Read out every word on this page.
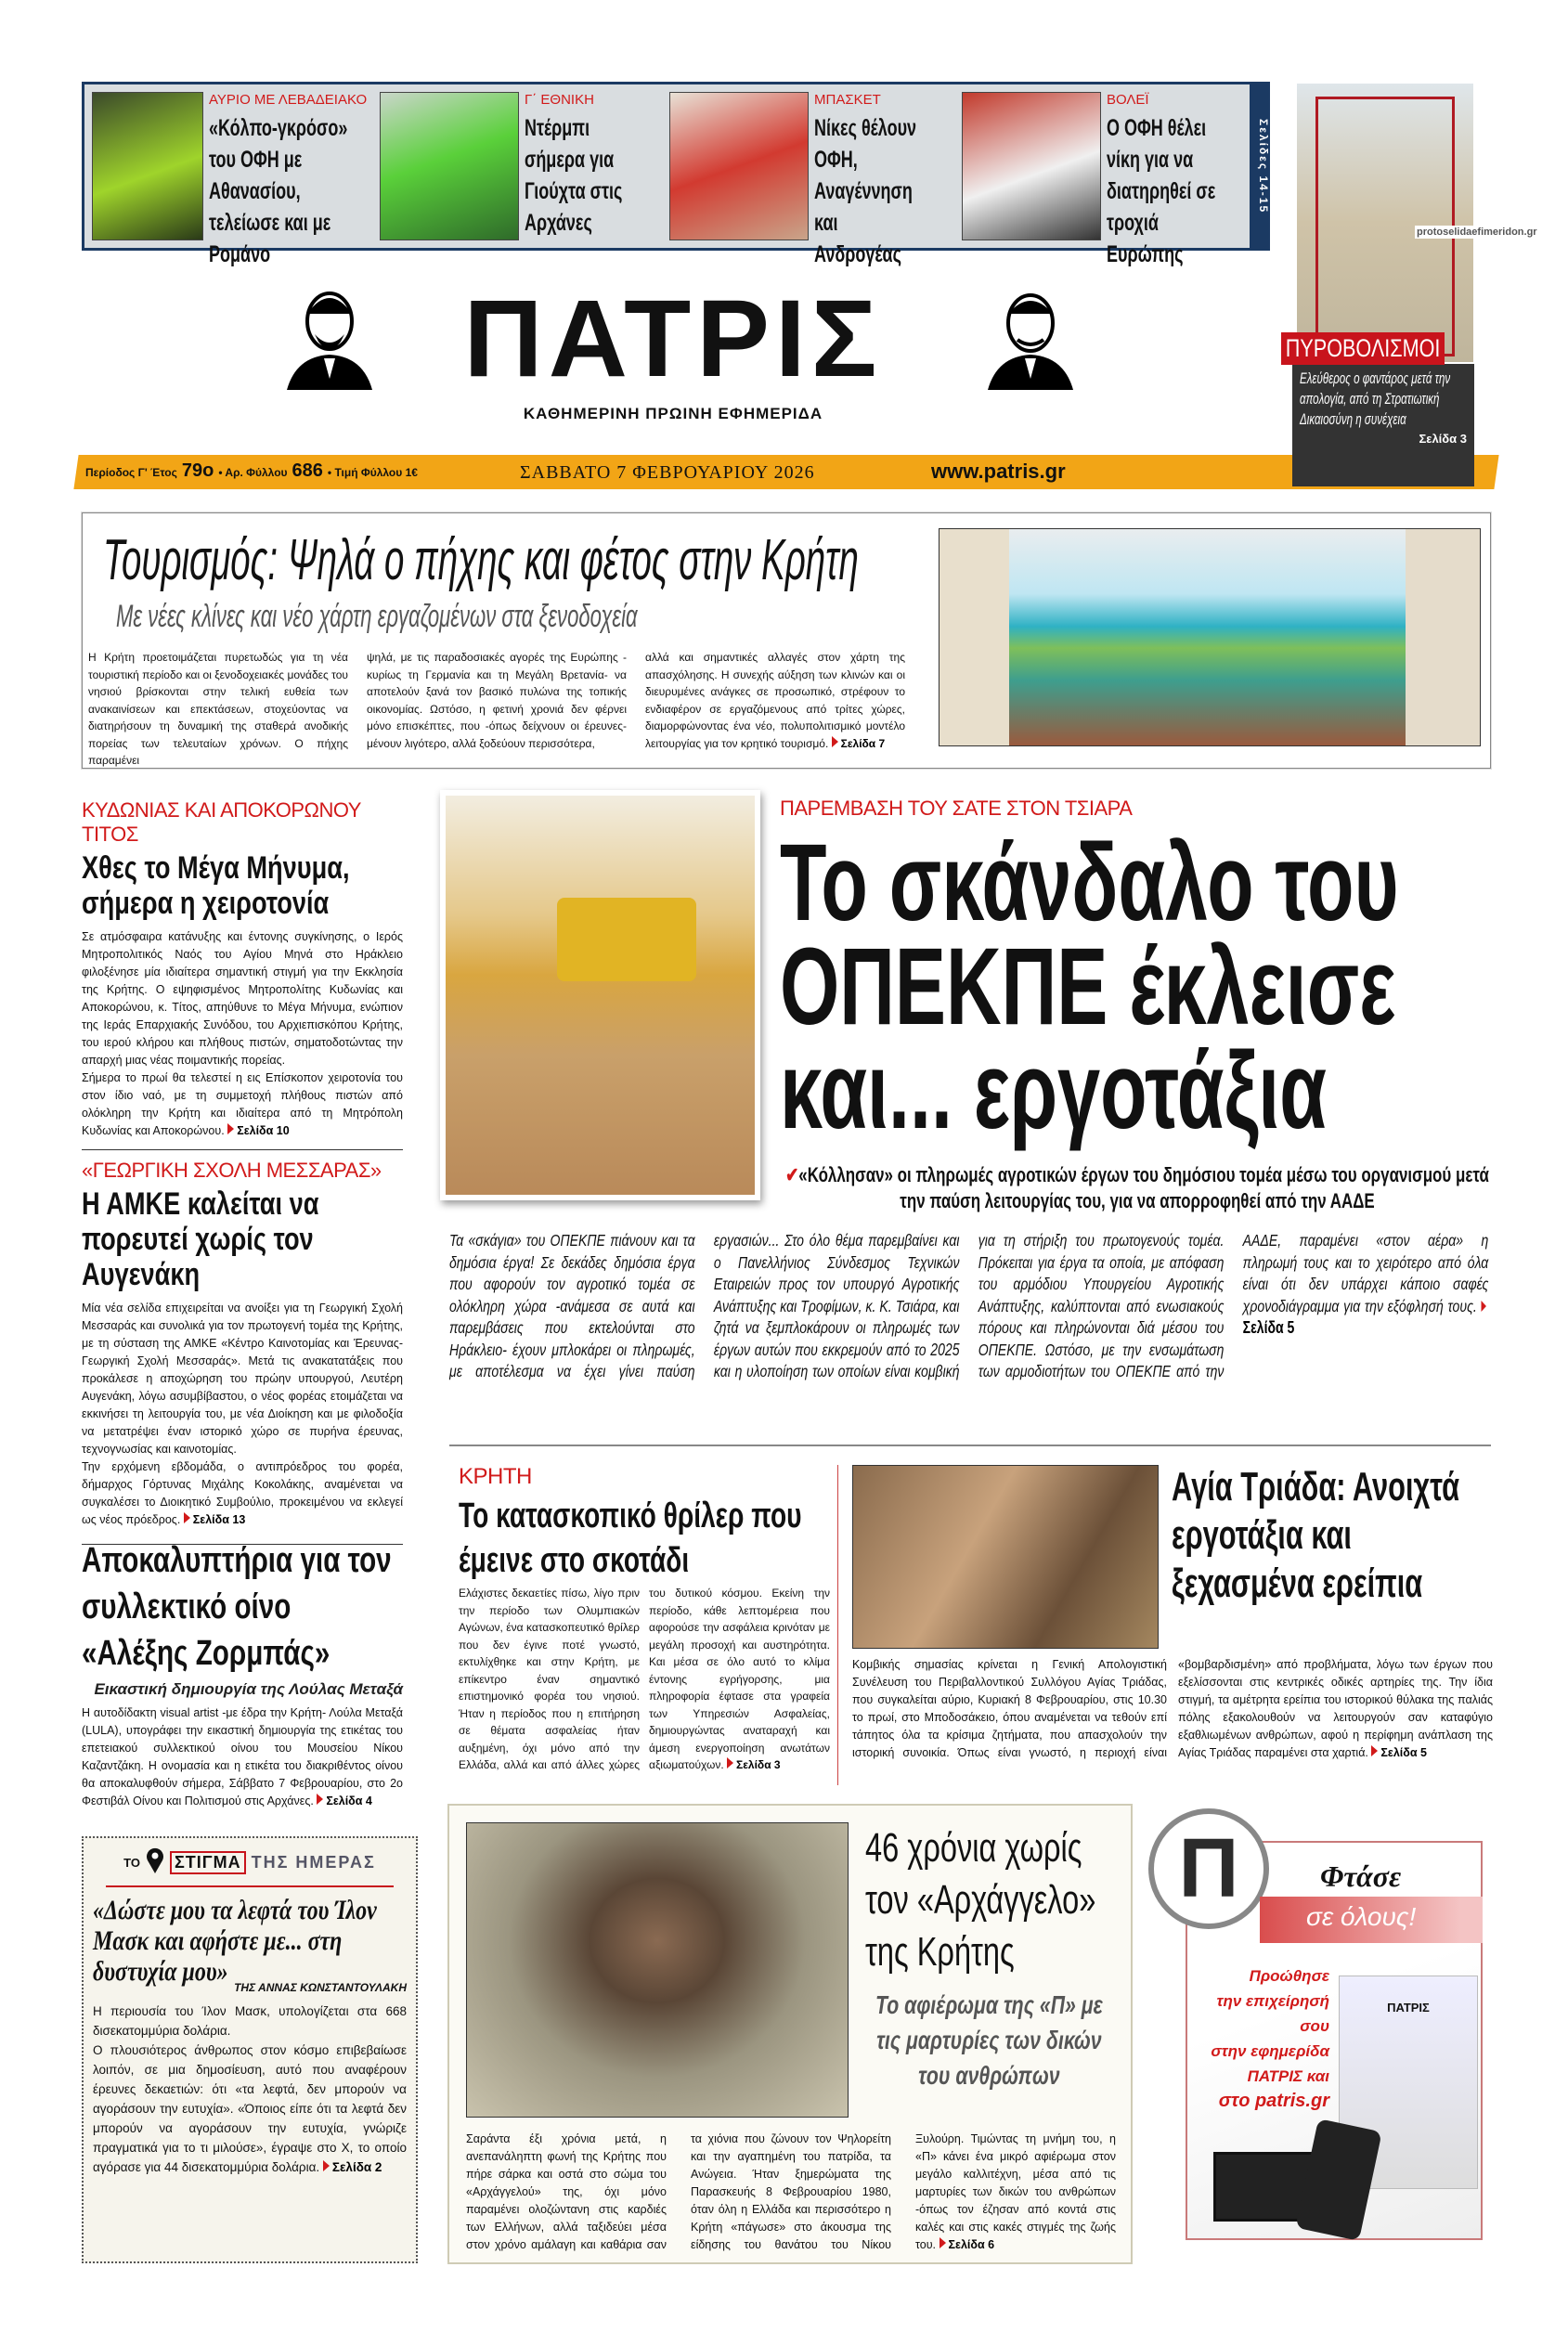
ΑΥΡΙΟ ΜΕ ΛΕΒΑΔΕΙΑΚΟ
«Κόλπο-γκρόσο» του ΟΦΗ με Αθανασίου, τελείωσε και με Ρομάνο
Γ΄ ΕΘΝΙΚΗ
Ντέρμπι σήμερα για Γιούχτα στις Αρχάνες
ΜΠΑΣΚΕΤ
Νίκες θέλουν ΟΦΗ, Αναγέννηση και Ανδρογέας
ΒΟΛΕΪ
Ο ΟΦΗ θέλει νίκη για να διατηρηθεί σε τροχιά Ευρώπης
Σελίδες 14-15
protoselidaefimeridon.gr
ΠΥΡΟΒΟΛΙΣΜΟΙ
Ελεύθερος ο φαντάρος μετά την απολογία, από τη Στρατιωτική Δικαιοσύνη η συνέχεια
Σελίδα 3
ΠΑΤΡΙΣ
ΚΑΘΗΜΕΡΙΝΗ ΠΡΩΙΝΗ ΕΦΗΜΕΡΙΔΑ
Περίοδος Γ' Έτος 79ο • Αρ. Φύλλου 686 • Τιμή Φύλλου 1€	ΣΑΒΒΑΤΟ 7 ΦΕΒΡΟΥΑΡΙΟΥ 2026	www.patris.gr
Τουρισμός: Ψηλά ο πήχης και φέτος στην Κρήτη
Με νέες κλίνες και νέο χάρτη εργαζομένων στα ξενοδοχεία
Η Κρήτη προετοιμάζεται πυρετωδώς για τη νέα τουριστική περίοδο και οι ξενοδοχειακές μονάδες του νησιού βρίσκονται στην τελική ευθεία των ανακαινίσεων και επεκτάσεων, στοχεύοντας να διατηρήσουν τη δυναμική της σταθερά ανοδικής πορείας των τελευταίων χρόνων. Ο πήχης παραμένει
ψηλά, με τις παραδοσιακές αγορές της Ευρώπης - κυρίως τη Γερμανία και τη Μεγάλη Βρετανία- να αποτελούν ξανά τον βασικό πυλώνα της τοπικής οικονομίας. Ωστόσο, η φετινή χρονιά δεν φέρνει μόνο επισκέπτες, που -όπως δείχνουν οι έρευνες- μένουν λιγότερο, αλλά ξοδεύουν περισσότερα,
αλλά και σημαντικές αλλαγές στον χάρτη της απασχόλησης. Η συνεχής αύξηση των κλινών και οι διευρυμένες ανάγκες σε προσωπικό, στρέφουν το ενδιαφέρον σε εργαζόμενους από τρίτες χώρες, διαμορφώνοντας ένα νέο, πολυπολιτισμικό μοντέλο λειτουργίας για τον κρητικό τουρισμό. Σελίδα 7
ΚΥΔΩΝΙΑΣ ΚΑΙ ΑΠΟΚΟΡΩΝΟΥ ΤΙΤΟΣ
Χθες το Μέγα Μήνυμα, σήμερα η χειροτονία
Σε ατμόσφαιρα κατάνυξης και έντονης συγκίνησης, ο Ιερός Μητροπολιτικός Ναός του Αγίου Μηνά στο Ηράκλειο φιλοξένησε μία ιδιαίτερα σημαντική στιγμή για την Εκκλησία της Κρήτης. Ο εψηφισμένος Μητροπολίτης Κυδωνίας και Αποκορώνου, κ. Τίτος, απηύθυνε το Μέγα Μήνυμα, ενώπιον της Ιεράς Επαρχιακής Συνόδου, του Αρχιεπισκόπου Κρήτης, του ιερού κλήρου και πλήθους πιστών, σηματοδοτώντας την απαρχή μιας νέας ποιμαντικής πορείας.
Σήμερα το πρωί θα τελεστεί η εις Επίσκοπον χειροτονία του στον ίδιο ναό, με τη συμμετοχή πλήθους πιστών από ολόκληρη την Κρήτη και ιδιαίτερα από τη Μητρόπολη Κυδωνίας και Αποκορώνου. Σελίδα 10
«ΓΕΩΡΓΙΚΗ ΣΧΟΛΗ ΜΕΣΣΑΡΑΣ»
Η ΑΜΚΕ καλείται να πορευτεί χωρίς τον Αυγενάκη
Μία νέα σελίδα επιχειρείται να ανοίξει για τη Γεωργική Σχολή Μεσσαράς και συνολικά για τον πρωτογενή τομέα της Κρήτης, με τη σύσταση της ΑΜΚΕ «Κέντρο Καινοτομίας και Έρευνας-Γεωργική Σχολή Μεσσαράς». Μετά τις ανακατατάξεις που προκάλεσε η αποχώρηση του πρώην υπουργού, Λευτέρη Αυγενάκη, λόγω ασυμβίβαστου, ο νέος φορέας ετοιμάζεται να εκκινήσει τη λειτουργία του, με νέα Διοίκηση και με φιλοδοξία να μετατρέψει έναν ιστορικό χώρο σε πυρήνα έρευνας, τεχνογνωσίας και καινοτομίας.
Την ερχόμενη εβδομάδα, ο αντιπρόεδρος του φορέα, δήμαρχος Γόρτυνας Μιχάλης Κοκολάκης, αναμένεται να συγκαλέσει το Διοικητικό Συμβούλιο, προκειμένου να εκλεγεί ως νέος πρόεδρος. Σελίδα 13
Αποκαλυπτήρια για τον συλλεκτικό οίνο «Αλέξης Ζορμπάς»
Εικαστική δημιουργία της Λούλας Μεταξά
Η αυτοδίδακτη visual artist -με έδρα την Κρήτη- Λούλα Μεταξά (LULA), υπογράφει την εικαστική δημιουργία της ετικέτας του επετειακού συλλεκτικού οίνου του Μουσείου Νίκου Καζαντζάκη. Η ονομασία και η ετικέτα του διακριθέντος οίνου θα αποκαλυφθούν σήμερα, Σάββατο 7 Φεβρουαρίου, στο 2ο Φεστιβάλ Οίνου και Πολιτισμού στις Αρχάνες. Σελίδα 4
ΤΟ ΣΤΙΓΜΑ ΤΗΣ ΗΜΕΡΑΣ
«Δώστε μου τα λεφτά του Ίλον Μασκ και αφήστε με... στη δυστυχία μου»
ΤΗΣ ΑΝΝΑΣ ΚΩΝΣΤΑΝΤΟΥΛΑΚΗ
Η περιουσία του Ίλον Μασκ, υπολογίζεται στα 668 δισεκατομμύρια δολάρια.
Ο πλουσιότερος άνθρωπος στον κόσμο επιβεβαίωσε λοιπόν, σε μια δημοσίευση, αυτό που αναφέρουν έρευνες δεκαετιών: ότι «τα λεφτά, δεν μπορούν να αγοράσουν την ευτυχία». «Όποιος είπε ότι τα λεφτά δεν μπορούν να αγοράσουν την ευτυχία, γνώριζε πραγματικά για το τι μιλούσε», έγραψε στο Χ, το οποίο αγόρασε για 44 δισεκατομμύρια δολάρια. Σελίδα 2
ΠΑΡΕΜΒΑΣΗ ΤΟΥ ΣΑΤΕ ΣΤΟΝ ΤΣΙΑΡΑ
Το σκάνδαλο του
ΟΠΕΚΠΕ έκλεισε
και... εργοτάξια
✔«Κόλλησαν» οι πληρωμές αγροτικών έργων του δημόσιου τομέα μέσω του οργανισμού μετά την παύση λειτουργίας του, για να απορροφηθεί από την ΑΑΔΕ
Τα «σκάγια» του ΟΠΕΚΠΕ πιάνουν και τα δημόσια έργα! Σε δεκάδες δημόσια έργα που αφορούν τον αγροτικό τομέα σε ολόκληρη χώρα -ανάμεσα σε αυτά και παρεμβάσεις που εκτελούνται στο Ηράκλειο- έχουν μπλοκάρει οι πληρωμές, με αποτέλεσμα να έχει γίνει παύση εργασιών... Στο όλο θέμα παρεμβαίνει και ο Πανελλήνιος Σύνδεσμος Τεχνικών Εταιρειών προς τον υπουργό Αγροτικής Ανάπτυξης και Τροφίμων, κ. Κ. Τσιάρα, και ζητά να ξεμπλοκάρουν οι πληρωμές των έργων αυτών που εκκρεμούν από το 2025 και η υλοποίηση των οποίων είναι κομβική για τη στήριξη του πρωτογενούς τομέα. Πρόκειται για έργα τα οποία, με απόφαση του αρμόδιου Υπουργείου Αγροτικής Ανάπτυξης, καλύπτονται από ενωσιακούς πόρους και πληρώνονται διά μέσου του ΟΠΕΚΠΕ. Ωστόσο, με την ενσωμάτωση των αρμοδιοτήτων του ΟΠΕΚΠΕ από την ΑΑΔΕ, παραμένει «στον αέρα» η πληρωμή τους και το χειρότερο από όλα είναι ότι δεν υπάρχει κάποιο σαφές χρονοδιάγραμμα για την εξόφλησή τους. Σελίδα 5
ΚΡΗΤΗ
Το κατασκοπικό θρίλερ που έμεινε στο σκοτάδι
Ελάχιστες δεκαετίες πίσω, λίγο πριν την περίοδο των Ολυμπιακών Αγώνων, ένα κατασκοπευτικό θρίλερ που δεν έγινε ποτέ γνωστό, εκτυλίχθηκε και στην Κρήτη, με επίκεντρο έναν σημαντικό επιστημονικό φορέα του νησιού. Ήταν η περίοδος που η επιτήρηση σε θέματα ασφαλείας ήταν αυξημένη, όχι μόνο από την Ελλάδα, αλλά και από άλλες χώρες του δυτικού κόσμου. Εκείνη την περίοδο, κάθε λεπτομέρεια που αφορούσε την ασφάλεια κρινόταν με μεγάλη προσοχή και αυστηρότητα. Και μέσα σε όλο αυτό το κλίμα έντονης εγρήγορσης, μια πληροφορία έφτασε στα γραφεία των Υπηρεσιών Ασφαλείας, δημιουργώντας αναταραχή και άμεση ενεργοποίηση ανωτάτων αξιωματούχων. Σελίδα 3
Αγία Τριάδα: Ανοιχτά εργοτάξια και ξεχασμένα ερείπια
Κομβικής σημασίας κρίνεται η Γενική Απολογιστική Συνέλευση του Περιβαλλοντικού Συλλόγου Αγίας Τριάδας, που συγκαλείται αύριο, Κυριακή 8 Φεβρουαρίου, στις 10.30 το πρωί, στο Μποδοσάκειο, όπου αναμένεται να τεθούν επί τάπητος όλα τα κρίσιμα ζητήματα, που απασχολούν την ιστορική συνοικία. Όπως είναι γνωστό, η περιοχή είναι «βομβαρδισμένη» από προβλήματα, λόγω των έργων που εξελίσσονται στις κεντρικές οδικές αρτηρίες της. Την ίδια στιγμή, τα αμέτρητα ερείπια του ιστορικού θύλακα της παλιάς πόλης εξακολουθούν να λειτουργούν σαν καταφύγιο εξαθλιωμένων ανθρώπων, αφού η περίφημη ανάπλαση της Αγίας Τριάδας παραμένει στα χαρτιά. Σελίδα 5
46 χρόνια χωρίς τον «Αρχάγγελο» της Κρήτης
Το αφιέρωμα της «Π» με τις μαρτυρίες των δικών του ανθρώπων
Σαράντα έξι χρόνια μετά, η ανεπανάληπτη φωνή της Κρήτης που πήρε σάρκα και οστά στο σώμα του «Αρχάγγελού» της, όχι μόνο παραμένει ολοζώντανη στις καρδιές των Ελλήνων, αλλά ταξιδεύει μέσα στον χρόνο αμάλαγη και καθάρια σαν τα χιόνια που ζώνουν τον Ψηλορείτη και την αγαπημένη του πατρίδα, τα Ανώγεια. Ήταν ξημερώματα της Παρασκευής 8 Φεβρουαρίου 1980, όταν όλη η Ελλάδα και περισσότερο η Κρήτη «πάγωσε» στο άκουσμα της είδησης του θανάτου του Νίκου Ξυλούρη. Τιμώντας τη μνήμη του, η «Π» κάνει ένα μικρό αφιέρωμα στον μεγάλο καλλιτέχνη, μέσα από τις μαρτυρίες των δικών του ανθρώπων -όπως τον έζησαν από κοντά στις καλές και στις κακές στιγμές της ζωής του. Σελίδα 6
Π	Φτάσε
σε όλους!
Προώθησε
την επιχείρησή σου
στην εφημερίδα
ΠΑΤΡΙΣ και
στο patris.gr
ΠΑΤΡΙΣ
